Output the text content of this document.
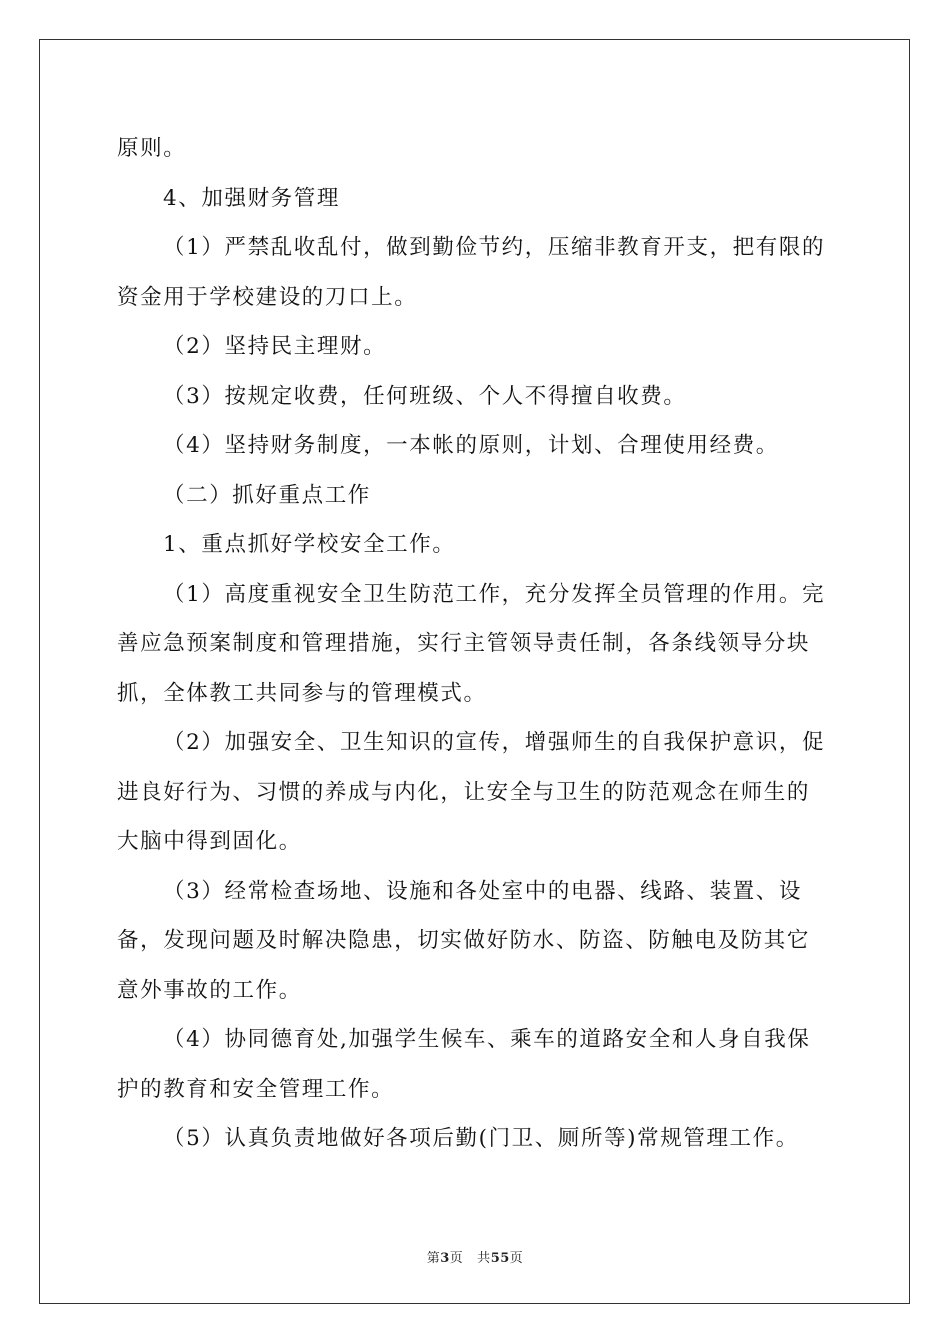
原则。

4、加强财务管理

（1）严禁乱收乱付，做到勤俭节约，压缩非教育开支，把有限的资金用于学校建设的刀口上。

（2）坚持民主理财。

（3）按规定收费，任何班级、个人不得擅自收费。

（4）坚持财务制度，一本帐的原则，计划、合理使用经费。

（二）抓好重点工作

1、重点抓好学校安全工作。

（1）高度重视安全卫生防范工作，充分发挥全员管理的作用。完善应急预案制度和管理措施，实行主管领导责任制，各条线领导分块抓，全体教工共同参与的管理模式。

（2）加强安全、卫生知识的宣传，增强师生的自我保护意识，促进良好行为、习惯的养成与内化，让安全与卫生的防范观念在师生的大脑中得到固化。

（3）经常检查场地、设施和各处室中的电器、线路、装置、设备，发现问题及时解决隐患，切实做好防水、防盗、防触电及防其它意外事故的工作。

（4）协同德育处,加强学生候车、乘车的道路安全和人身自我保护的教育和安全管理工作。

（5）认真负责地做好各项后勤(门卫、厕所等)常规管理工作。

第3页 共55页
